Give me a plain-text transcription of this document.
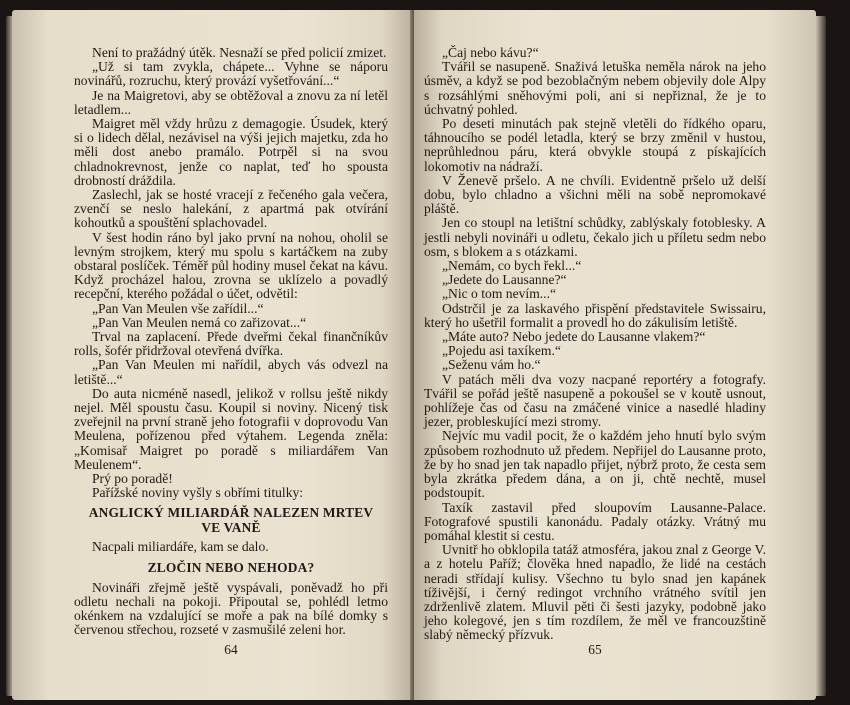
Není to pražádný útěk. Nesnaží se před policií zmizet.

„Už si tam zvykla, chápete... Vyhne se náporu novinářů, rozruchu, který provází vyšetřování...“

Je na Maigretovi, aby se obtěžoval a znovu za ní letěl letadlem...

Maigret měl vždy hrůzu z demagogie. Úsudek, který si o lidech dělal, nezávisel na výši jejich majetku, zda ho měli dost anebo pramálo. Potrpěl si na svou chladnokrevnost, jenže co naplat, teď ho spousta drobností dráždila.

Zaslechl, jak se hosté vracejí z řečeného gala večera, zvenčí se neslo halekání, z apartmá pak otvírání kohoutků a spouštění splachovadel.

V šest hodin ráno byl jako první na nohou, oholil se levným strojkem, který mu spolu s kartáčkem na zuby obstaral poslíček. Téměř půl hodiny musel čekat na kávu. Když procházel halou, zrovna se uklízelo a povadlý recepční, kterého požádal o účet, odvětil:

„Pan Van Meulen vše zařídil...“

„Pan Van Meulen nemá co zařizovat...“

Trval na zaplacení. Přede dveřmi čekal finančníkův rolls, šofér přidržoval otevřená dvířka.

„Pan Van Meulen mi nařídil, abych vás odvezl na letiště...“

Do auta nicméně nasedl, jelikož v rollsu ještě nikdy nejel. Měl spoustu času. Koupil si noviny. Nicený tisk zveřejnil na první straně jeho fotografii v doprovodu Van Meulena, pořízenou před výtahem. Legenda zněla: „Komisař Maigret po poradě s miliardářem Van Meulenem“.

Prý po poradě!

Pařížské noviny vyšly s obřími titulky:

ANGLICKÝ MILIARDÁŘ NALEZEN MRTEV
VE VANĚ

Nacpali miliardáře, kam se dalo.

ZLOČIN NEBO NEHODA?

Novináři zřejmě ještě vyspávali, poněvadž ho při odletu nechali na pokoji. Připoutal se, pohlédl letmo okénkem na vzdalující se moře a pak na bílé domky s červenou střechou, rozseté v zasmušilé zeleni hor.

64

„Čaj nebo kávu?“

Tvářil se nasupeně. Snaživá letuška neměla nárok na jeho úsměv, a když se pod bezoblačným nebem objevily dole Alpy s rozsáhlými sněhovými poli, ani si nepřiznal, že je to úchvatný pohled.

Po deseti minutách pak stejně vletěli do řídkého oparu, táhnoucího se podél letadla, který se brzy změnil v hustou, neprůhlednou páru, která obvykle stoupá z pískajících lokomotiv na nádraží.

V Ženevě pršelo. A ne chvíli. Evidentně pršelo už delší dobu, bylo chladno a všichni měli na sobě nepromokavé pláště.

Jen co stoupl na letištní schůdky, zablýskaly fotoblesky. A jestli nebyli novináři u odletu, čekalo jich u příletu sedm nebo osm, s blokem a s otázkami.

„Nemám, co bych řekl...“

„Jedete do Lausanne?“

„Nic o tom nevím...“

Odstrčil je za laskavého přispění představitele Swissairu, který ho ušetřil formalit a provedl ho do zákulisím letiště.

„Máte auto? Nebo jedete do Lausanne vlakem?“

„Pojedu asi taxíkem.“

„Seženu vám ho.“

V patách měli dva vozy nacpané reportéry a fotografy. Tvářil se pořád ještě nasupeně a pokoušel se v koutě usnout, pohlížeje čas od času na zmáčené vinice a nasedlé hladiny jezer, probleskující mezi stromy.

Nejvíc mu vadil pocit, že o každém jeho hnutí bylo svým způsobem rozhodnuto už předem. Nepřijel do Lausanne proto, že by ho snad jen tak napadlo přijet, nýbrž proto, že cesta sem byla zkrátka předem dána, a on ji, chtě nechtě, musel podstoupit.

Taxík zastavil před sloupovím Lausanne-Palace. Fotografové spustili kanonádu. Padaly otázky. Vrátný mu pomáhal klestit si cestu.

Uvnitř ho obklopila tatáž atmosféra, jakou znal z George V. a z hotelu Paříž; člověka hned napadlo, že lidé na cestách neradi střídají kulisy. Všechno tu bylo snad jen kapánek tíživější, i černý redingot vrchního vrátného svítil jen zdrženlivě zlatem. Mluvil pěti či šesti jazyky, podobně jako jeho kolegové, jen s tím rozdílem, že měl ve francouzštině slabý německý přízvuk.

65
